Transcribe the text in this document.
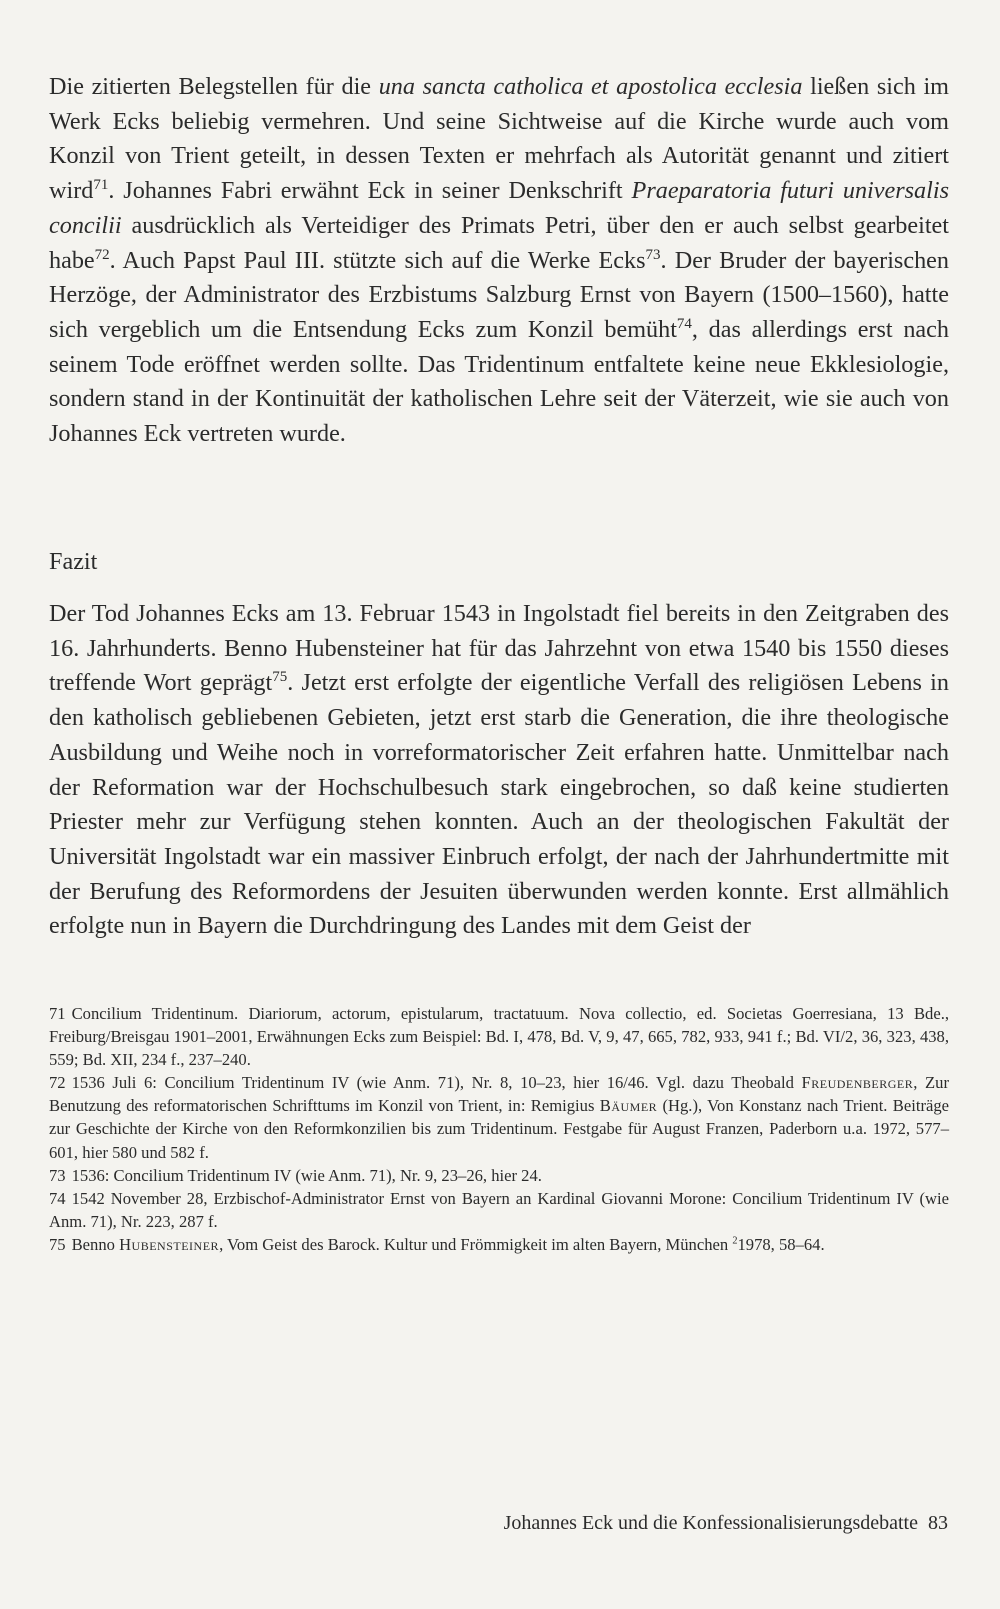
Die zitierten Belegstellen für die una sancta catholica et apostolica ecclesia ließen sich im Werk Ecks beliebig vermehren. Und seine Sichtweise auf die Kirche wurde auch vom Konzil von Trient geteilt, in dessen Texten er mehrfach als Autorität genannt und zitiert wird$^{71}$. Johannes Fabri erwähnt Eck in seiner Denkschrift Praeparatoria futuri universalis concilii ausdrücklich als Verteidiger des Primats Petri, über den er auch selbst gearbeitet habe$^{72}$. Auch Papst Paul III. stützte sich auf die Werke Ecks$^{73}$. Der Bruder der bayerischen Herzöge, der Administrator des Erzbistums Salzburg Ernst von Bayern (1500–1560), hatte sich vergeblich um die Entsendung Ecks zum Konzil bemüht$^{74}$, das allerdings erst nach seinem Tode eröffnet werden sollte. Das Tridentinum entfaltete keine neue Ekklesiologie, sondern stand in der Kontinuität der katholischen Lehre seit der Väterzeit, wie sie auch von Johannes Eck vertreten wurde.

Fazit

Der Tod Johannes Ecks am 13. Februar 1543 in Ingolstadt fiel bereits in den Zeitgraben des 16. Jahrhunderts. Benno Hubensteiner hat für das Jahrzehnt von etwa 1540 bis 1550 dieses treffende Wort geprägt$^{75}$. Jetzt erst erfolgte der eigentliche Verfall des religiösen Lebens in den katholisch gebliebenen Gebieten, jetzt erst starb die Generation, die ihre theologische Ausbildung und Weihe noch in vorreformatorischer Zeit erfahren hatte. Unmittelbar nach der Reformation war der Hochschulbesuch stark eingebrochen, so daß keine studierten Priester mehr zur Verfügung stehen konnten. Auch an der theologischen Fakultät der Universität Ingolstadt war ein massiver Einbruch erfolgt, der nach der Jahrhundertmitte mit der Berufung des Reformordens der Jesuiten überwunden werden konnte. Erst allmählich erfolgte nun in Bayern die Durchdringung des Landes mit dem Geist der

71 Concilium Tridentinum. Diariorum, actorum, epistularum, tractatuum. Nova collectio, ed. Societas Goerresiana, 13 Bde., Freiburg/Breisgau 1901–2001, Erwähnungen Ecks zum Beispiel: Bd. I, 478, Bd. V, 9, 47, 665, 782, 933, 941 f.; Bd. VI/2, 36, 323, 438, 559; Bd. XII, 234 f., 237–240.

72 1536 Juli 6: Concilium Tridentinum IV (wie Anm. 71), Nr. 8, 10–23, hier 16/46. Vgl. dazu Theobald Freudenberger, Zur Benutzung des reformatorischen Schrifttums im Konzil von Trient, in: Remigius Bäumer (Hg.), Von Konstanz nach Trient. Beiträge zur Geschichte der Kirche von den Reformkonzilien bis zum Tridentinum. Festgabe für August Franzen, Paderborn u.a. 1972, 577–601, hier 580 und 582 f.

73 1536: Concilium Tridentinum IV (wie Anm. 71), Nr. 9, 23–26, hier 24.

74 1542 November 28, Erzbischof-Administrator Ernst von Bayern an Kardinal Giovanni Morone: Concilium Tridentinum IV (wie Anm. 71), Nr. 223, 287 f.

75 Benno Hubensteiner, Vom Geist des Barock. Kultur und Frömmigkeit im alten Bayern, München $^2$1978, 58–64.

Johannes Eck und die Konfessionalisierungsdebatte 83
